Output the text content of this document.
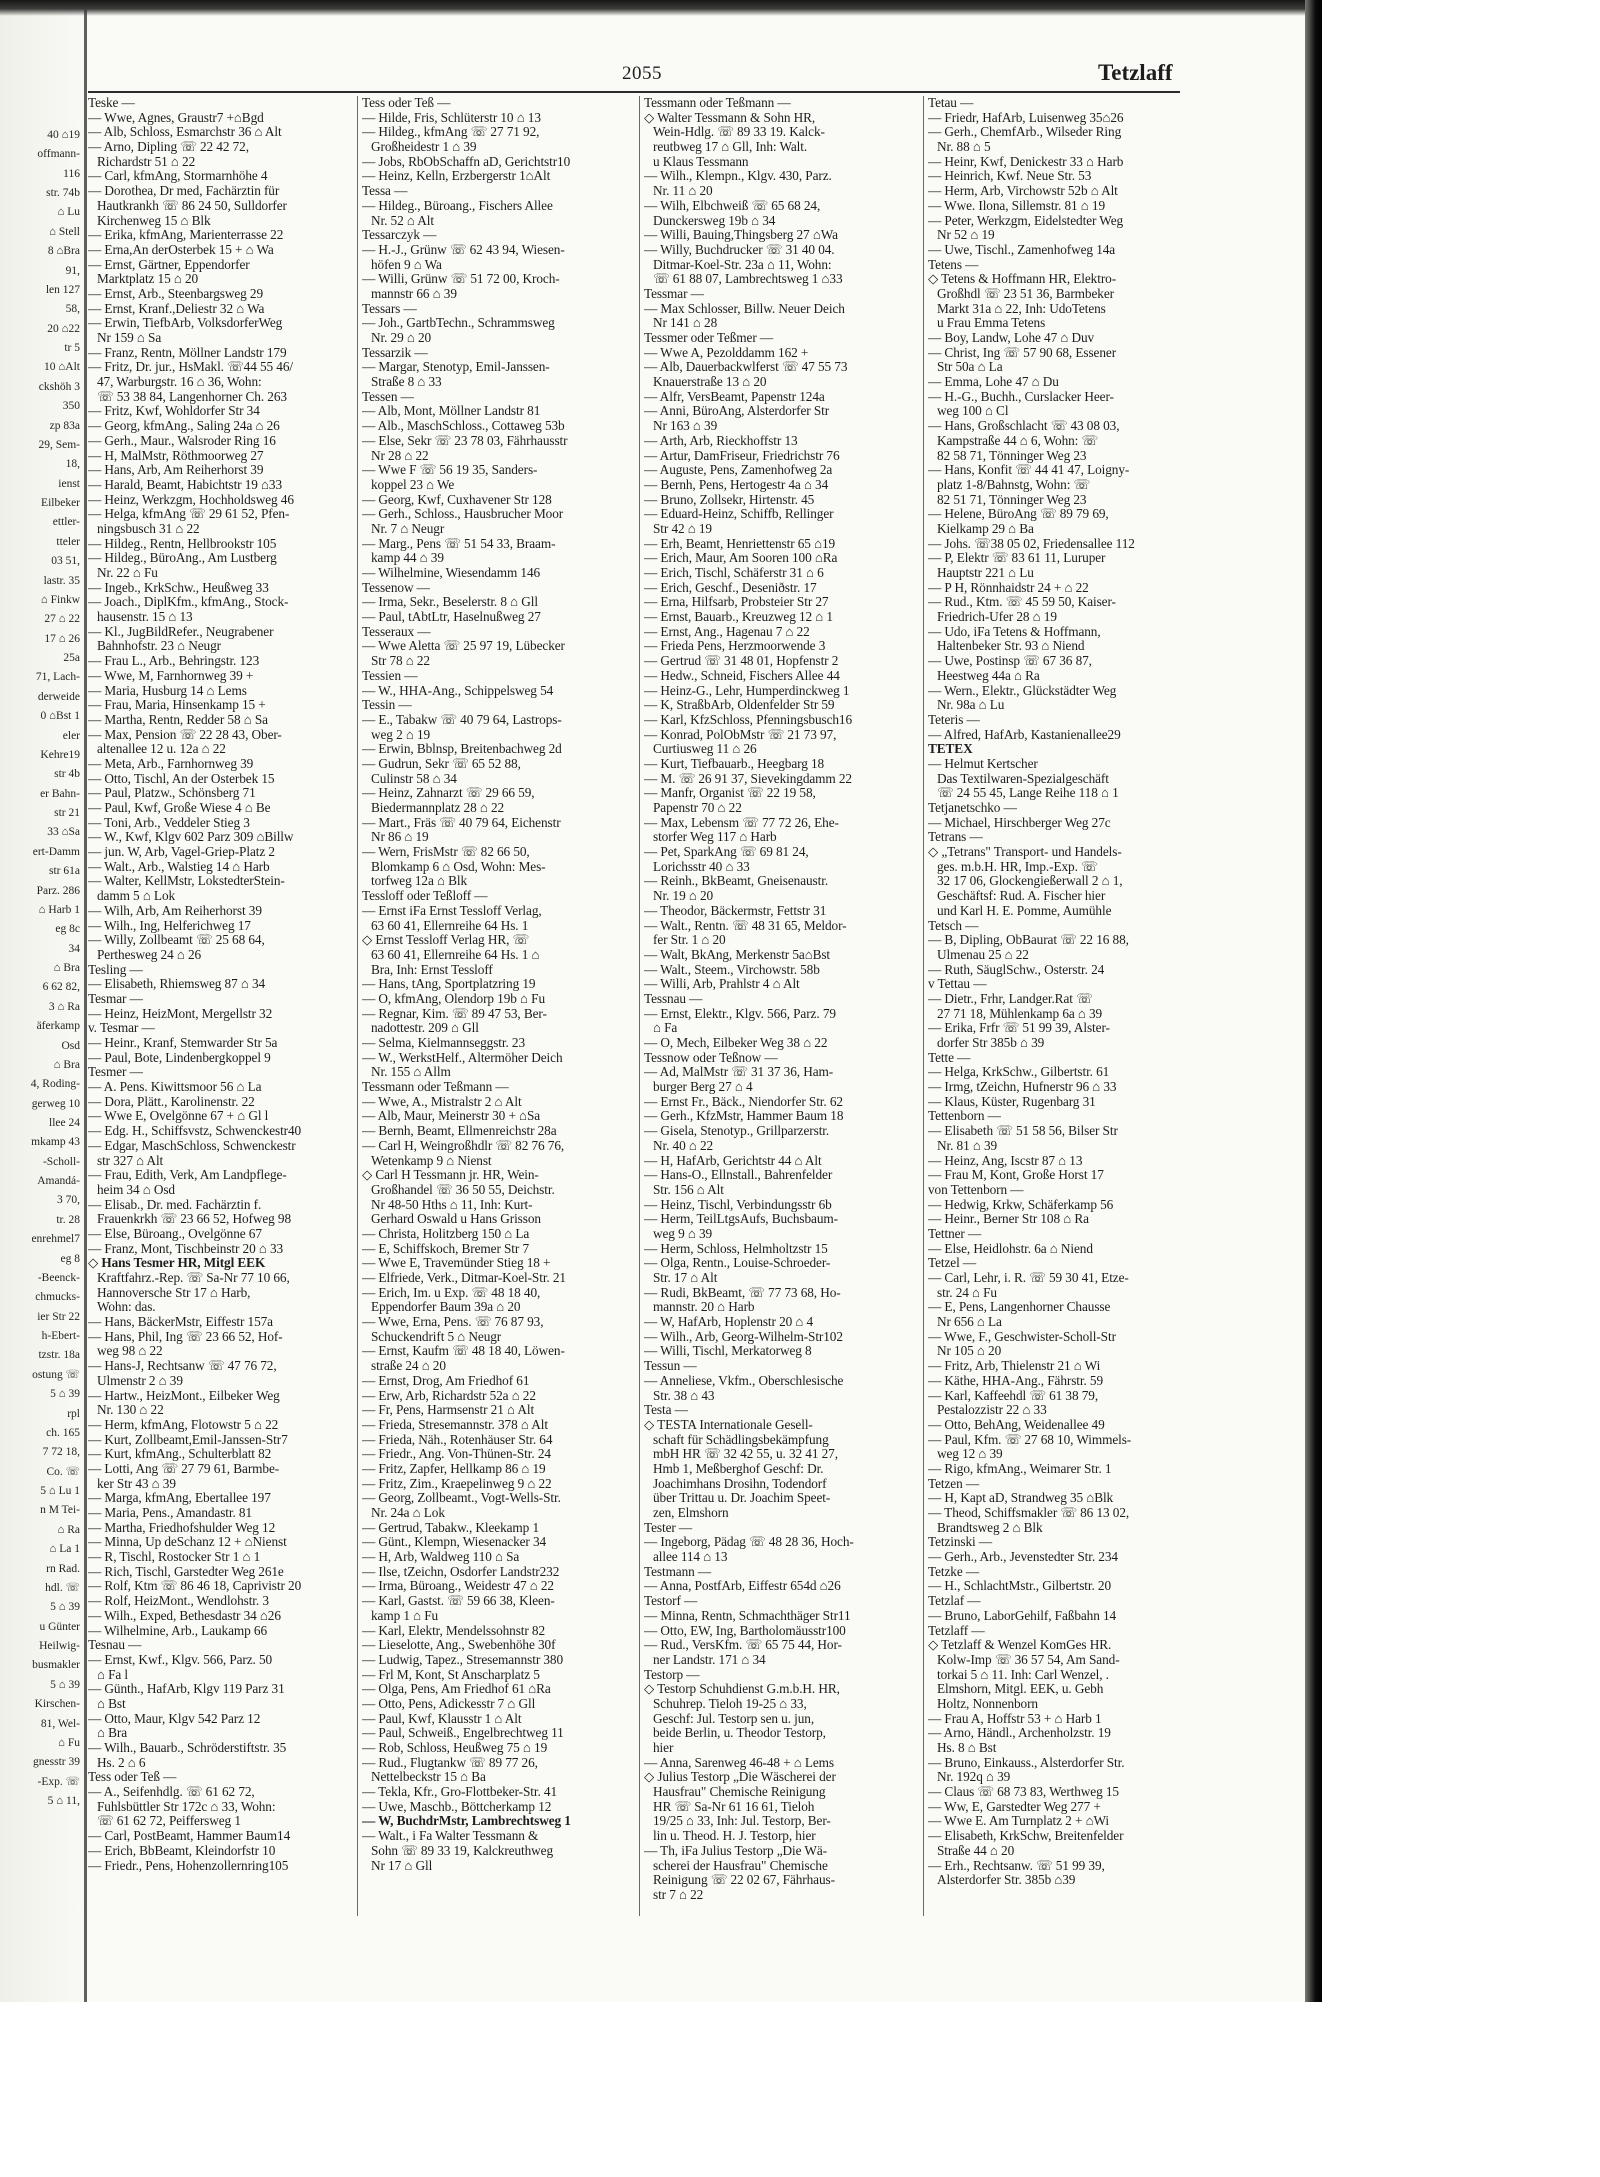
40 ⌂19
offmann-
116
str. 74b
⌂ Lu
⌂ Stell
8 ⌂Bra
91,
len 127
58,
20 ⌂22
tr 5
10 ⌂Alt
ckshöh 3
350
zp 83a
29, Sem-
18,
ienst
Eilbeker
ettler-
tteler
03 51,
lastr. 35
⌂ Finkw
27 ⌂ 22
17 ⌂ 26
25a
71, Lach-
derweide
0 ⌂Bst 1
eler
Kehre19
str 4b
er Bahn-
str 21
33 ⌂Sa
ert-Damm
str 61a
Parz. 286
⌂ Harb 1
eg 8c
34
⌂ Bra
6 62 82,
3 ⌂ Ra
äferkamp
Osd
⌂ Bra
4, Roding-
gerweg 10
llee 24
mkamp 43
-Scholl-
Amandá-
3 70,
tr. 28
enrehmel7
eg 8
-Beenck-
chmucks-
ier Str 22
h-Ebert-
tzstr. 18a
ostung ☏
5 ⌂ 39
rpl
ch. 165
7 72 18,
Co. ☏
5 ⌂ Lu 1
n M Tei-
⌂ Ra
⌂ La 1
rn Rad.
hdl. ☏
5 ⌂ 39
u Günter
Heilwig-
busmakler
5 ⌂ 39
Kirschen-
81, Wel-
⌂ Fu
gnesstr 39
-Exp. ☏
5 ⌂ 11,
2055	Tetzlaff
Teske —
— Wwe, Agnes, Graustr7 +⌂Bgd
— Alb, Schloss, Esmarchstr 36 ⌂ Alt
— Arno, Dipling ☏ 22 42 72,
Richardstr 51 ⌂ 22
— Carl, kfmAng, Stormarnhöhe 4
— Dorothea, Dr med, Fachärztin für
Hautkrankh ☏ 86 24 50, Sulldorfer
Kirchenweg 15 ⌂ Blk
— Erika, kfmAng, Marienterrasse 22
— Erna,An derOsterbek 15 + ⌂ Wa
— Ernst, Gärtner, Eppendorfer
Marktplatz 15 ⌂ 20
— Ernst, Arb., Steenbargsweg 29
— Ernst, Kranf.,Deliestr 32 ⌂ Wa
— Erwin, TiefbArb, VolksdorferWeg
Nr 159 ⌂ Sa
— Franz, Rentn, Möllner Landstr 179
— Fritz, Dr. jur., HsMakl. ☏44 55 46/
47, Warburgstr. 16 ⌂ 36, Wohn:
☏ 53 38 84, Langenhorner Ch. 263
— Fritz, Kwf, Wohldorfer Str 34
— Georg, kfmAng., Saling 24a ⌂ 26
— Gerh., Maur., Walsroder Ring 16
— H, MalMstr, Röthmoorweg 27
— Hans, Arb, Am Reiherhorst 39
— Harald, Beamt, Habichtstr 19 ⌂33
— Heinz, Werkzgm, Hochholdsweg 46
— Helga, kfmAng ☏ 29 61 52, Pfen-
ningsbusch 31 ⌂ 22
— Hildeg., Rentn, Hellbrookstr 105
— Hildeg., BüroAng., Am Lustberg
Nr. 22 ⌂ Fu
— Ingeb., KrkSchw., Heußweg 33
— Joach., DiplKfm., kfmAng., Stock-
hausenstr. 15 ⌂ 13
— Kl., JugBildRefer., Neugrabener
Bahnhofstr. 23 ⌂ Neugr
— Frau L., Arb., Behringstr. 123
— Wwe, M, Farnhornweg 39 +
— Maria, Husburg 14 ⌂ Lems
— Frau, Maria, Hinsenkamp 15 +
— Martha, Rentn, Redder 58 ⌂ Sa
— Max, Pension ☏ 22 28 43, Ober-
altenallee 12 u. 12a ⌂ 22
— Meta, Arb., Farnhornweg 39
— Otto, Tischl, An der Osterbek 15
— Paul, Platzw., Schönsberg 71
— Paul, Kwf, Große Wiese 4 ⌂ Be
— Toni, Arb., Veddeler Stieg 3
— W., Kwf, Klgv 602 Parz 309 ⌂Billw
— jun. W, Arb, Vagel-Griep-Platz 2
— Walt., Arb., Walstieg 14 ⌂ Harb
— Walter, KellMstr, LokstedterStein-
damm 5 ⌂ Lok
— Wilh, Arb, Am Reiherhorst 39
— Wilh., Ing, Helferichweg 17
— Willy, Zollbeamt ☏ 25 68 64,
Perthesweg 24 ⌂ 26
Tesling —
— Elisabeth, Rhiemsweg 87 ⌂ 34
Tesmar —
— Heinz, HeizMont, Mergellstr 32
v. Tesmar —
— Heinr., Kranf, Stemwarder Str 5a
— Paul, Bote, Lindenbergkoppel 9
Tesmer —
— A. Pens. Kiwittsmoor 56 ⌂ La
— Dora, Plätt., Karolinenstr. 22
— Wwe E, Ovelgönne 67 + ⌂ Gl l
— Edg. H., Schiffsvstz, Schwenckestr40
— Edgar, MaschSchloss, Schwenckestr
str 327 ⌂ Alt
— Frau, Edith, Verk, Am Landpflege-
heim 34 ⌂ Osd
— Elisab., Dr. med. Fachärztin f.
Frauenkrkh ☏ 23 66 52, Hofweg 98
— Else, Büroang., Ovelgönne 67
— Franz, Mont, Tischbeinstr 20 ⌂ 33
◇ Hans Tesmer HR, Mitgl EEK
Kraftfahrz.-Rep. ☏ Sa-Nr 77 10 66,
Hannoversche Str 17 ⌂ Harb,
Wohn: das.
— Hans, BäckerMstr, Eiffestr 157a
— Hans, Phil, Ing ☏ 23 66 52, Hof-
weg 98 ⌂ 22
— Hans-J, Rechtsanw ☏ 47 76 72,
Ulmenstr 2 ⌂ 39
— Hartw., HeizMont., Eilbeker Weg
Nr. 130 ⌂ 22
— Herm, kfmAng, Flotowstr 5 ⌂ 22
— Kurt, Zollbeamt,Emil-Janssen-Str7
— Kurt, kfmAng., Schulterblatt 82
— Lotti, Ang ☏ 27 79 61, Barmbe-
ker Str 43 ⌂ 39
— Marga, kfmAng, Ebertallee 197
— Maria, Pens., Amandastr. 81
— Martha, Friedhofshulder Weg 12
— Minna, Up deSchanz 12 + ⌂Nienst
— R, Tischl, Rostocker Str 1 ⌂ 1
— Rich, Tischl, Garstedter Weg 261e
— Rolf, Ktm ☏ 86 46 18, Caprivistr 20
— Rolf, HeizMont., Wendlohstr. 3
— Wilh., Exped, Bethesdastr 34 ⌂26
— Wilhelmine, Arb., Laukamp 66
Tesnau —
— Ernst, Kwf., Klgv. 566, Parz. 50
⌂ Fa l
— Günth., HafArb, Klgv 119 Parz 31
⌂ Bst
— Otto, Maur, Klgv 542 Parz 12
⌂ Bra
— Wilh., Bauarb., Schröderstiftstr. 35
Hs. 2 ⌂ 6
Tess oder Teß —
— A., Seifenhdlg. ☏ 61 62 72,
Fuhlsbüttler Str 172c ⌂ 33, Wohn:
☏ 61 62 72, Peiffersweg 1
— Carl, PostBeamt, Hammer Baum14
— Erich, BbBeamt, Kleindorfstr 10
— Friedr., Pens, Hohenzollernring105
Tess oder Teß —
— Hilde, Fris, Schlüterstr 10 ⌂ 13
— Hildeg., kfmAng ☏ 27 71 92,
Großheidestr 1 ⌂ 39
— Jobs, RbObSchaffn aD, Gerichtstr10
— Heinz, Kelln, Erzbergerstr 1⌂Alt
Tessa —
— Hildeg., Büroang., Fischers Allee
Nr. 52 ⌂ Alt
Tessarczyk —
— H.-J., Grünw ☏ 62 43 94, Wiesen-
höfen 9 ⌂ Wa
— Willi, Grünw ☏ 51 72 00, Kroch-
mannstr 66 ⌂ 39
Tessars —
— Joh., GartbTechn., Schrammsweg
Nr. 29 ⌂ 20
Tessarzik —
— Margar, Stenotyp, Emil-Janssen-
Straße 8 ⌂ 33
Tessen —
— Alb, Mont, Möllner Landstr 81
— Alb., MaschSchloss., Cottaweg 53b
— Else, Sekr ☏ 23 78 03, Fährhausstr
Nr 28 ⌂ 22
— Wwe F ☏ 56 19 35, Sanders-
koppel 23 ⌂ We
— Georg, Kwf, Cuxhavener Str 128
— Gerh., Schloss., Hausbrucher Moor
Nr. 7 ⌂ Neugr
— Marg., Pens ☏ 51 54 33, Braam-
kamp 44 ⌂ 39
— Wilhelmine, Wiesendamm 146
Tessenow —
— Irma, Sekr., Beselerstr. 8 ⌂ Gll
— Paul, tAbtLtr, Haselnußweg 27
Tesseraux —
— Wwe Aletta ☏ 25 97 19, Lübecker
Str 78 ⌂ 22
Tessien —
— W., HHA-Ang., Schippelsweg 54
Tessin —
— E., Tabakw ☏ 40 79 64, Lastrops-
weg 2 ⌂ 19
— Erwin, Bblnsp, Breitenbachweg 2d
— Gudrun, Sekr ☏ 65 52 88,
Culinstr 58 ⌂ 34
— Heinz, Zahnarzt ☏ 29 66 59,
Biedermannplatz 28 ⌂ 22
— Mart., Fräs ☏ 40 79 64, Eichenstr
Nr 86 ⌂ 19
— Wern, FrisMstr ☏ 82 66 50,
Blomkamp 6 ⌂ Osd, Wohn: Mes-
torfweg 12a ⌂ Blk
Tessloff oder Teßloff —
— Ernst iFa Ernst Tessloff Verlag,
63 60 41, Ellernreihe 64 Hs. 1
◇ Ernst Tessloff Verlag HR, ☏
63 60 41, Ellernreihe 64 Hs. 1 ⌂
Bra, Inh: Ernst Tessloff
— Hans, tAng, Sportplatzring 19
— O, kfmAng, Olendorp 19b ⌂ Fu
— Regnar, Kim. ☏ 89 47 53, Ber-
nadottestr. 209 ⌂ Gll
— Selma, Kielmannseggstr. 23
— W., WerkstHelf., Altermöher Deich
Nr. 155 ⌂ Allm
Tessmann oder Teßmann —
— Wwe, A., Mistralstr 2 ⌂ Alt
— Alb, Maur, Meinerstr 30 + ⌂Sa
— Bernh, Beamt, Ellmenreichstr 28a
— Carl H, Weingroßhdlr ☏ 82 76 76,
Wetenkamp 9 ⌂ Nienst
◇ Carl H Tessmann jr. HR, Wein-
Großhandel ☏ 36 50 55, Deichstr.
Nr 48-50 Hths ⌂ 11, Inh: Kurt-
Gerhard Oswald u Hans Grisson
— Christa, Holitzberg 150 ⌂ La
— E, Schiffskoch, Bremer Str 7
— Wwe E, Travemünder Stieg 18 +
— Elfriede, Verk., Ditmar-Koel-Str. 21
— Erich, Im. u Exp. ☏ 48 18 40,
Eppendorfer Baum 39a ⌂ 20
— Wwe, Erna, Pens. ☏ 76 87 93,
Schuckendrift 5 ⌂ Neugr
— Ernst, Kaufm ☏ 48 18 40, Löwen-
straße 24 ⌂ 20
— Ernst, Drog, Am Friedhof 61
— Erw, Arb, Richardstr 52a ⌂ 22
— Fr, Pens, Harmsenstr 21 ⌂ Alt
— Frieda, Stresemannstr. 378 ⌂ Alt
— Frieda, Näh., Rotenhäuser Str. 64
— Friedr., Ang. Von-Thünen-Str. 24
— Fritz, Zapfer, Hellkamp 86 ⌂ 19
— Fritz, Zim., Kraepelinweg 9 ⌂ 22
— Georg, Zollbeamt., Vogt-Wells-Str.
Nr. 24a ⌂ Lok
— Gertrud, Tabakw., Kleekamp 1
— Günt., Klempn, Wiesenacker 34
— H, Arb, Waldweg 110 ⌂ Sa
— Ilse, tZeichn, Osdorfer Landstr232
— Irma, Büroang., Weidestr 47 ⌂ 22
— Karl, Gastst. ☏ 59 66 38, Kleen-
kamp 1 ⌂ Fu
— Karl, Elektr, Mendelssohnstr 82
— Lieselotte, Ang., Swebenhöhe 30f
— Ludwig, Tapez., Stresemannstr 380
— Frl M, Kont, St Anscharplatz 5
— Olga, Pens, Am Friedhof 61 ⌂Ra
— Otto, Pens, Adickesstr 7 ⌂ Gll
— Paul, Kwf, Klausstr 1 ⌂ Alt
— Paul, Schweiß., Engelbrechtweg 11
— Rob, Schloss, Heußweg 75 ⌂ 19
— Rud., Flugtankw ☏ 89 77 26,
Nettelbeckstr 15 ⌂ Ba
— Tekla, Kfr., Gro-Flottbeker-Str. 41
— Uwe, Maschb., Böttcherkamp 12
— W, BuchdrMstr, Lambrechtsweg 1
— Walt., i Fa Walter Tessmann &
Sohn ☏ 89 33 19, Kalckreuthweg
Nr 17 ⌂ Gll
Tessmann oder Teßmann —
◇ Walter Tessmann & Sohn HR,
Wein-Hdlg. ☏ 89 33 19. Kalck-
reutbweg 17 ⌂ Gll, Inh: Walt.
u Klaus Tessmann
— Wilh., Klempn., Klgv. 430, Parz.
Nr. 11 ⌂ 20
— Wilh, Elbchweiß ☏ 65 68 24,
Dunckersweg 19b ⌂ 34
— Willi, Bauing,Thingsberg 27 ⌂Wa
— Willy, Buchdrucker ☏ 31 40 04.
Ditmar-Koel-Str. 23a ⌂ 11, Wohn:
☏ 61 88 07, Lambrechtsweg 1 ⌂33
Tessmar —
— Max Schlosser, Billw. Neuer Deich
Nr 141 ⌂ 28
Tessmer oder Teßmer —
— Wwe A, Pezolddamm 162 +
— Alb, Dauerbackwlferst ☏ 47 55 73
Knauerstraße 13 ⌂ 20
— Alfr, VersBeamt, Papenstr 124a
— Anni, BüroAng, Alsterdorfer Str
Nr 163 ⌂ 39
— Arth, Arb, Rieckhoffstr 13
— Artur, DamFriseur, Friedrichstr 76
— Auguste, Pens, Zamenhofweg 2a
— Bernh, Pens, Hertogestr 4a ⌂ 34
— Bruno, Zollsekr, Hirtenstr. 45
— Eduard-Heinz, Schiffb, Rellinger
Str 42 ⌂ 19
— Erh, Beamt, Henriettenstr 65 ⌂19
— Erich, Maur, Am Sooren 100 ⌂Ra
— Erich, Tischl, Schäferstr 31 ⌂ 6
— Erich, Geschf., Deseniðstr. 17
— Erna, Hilfsarb, Probsteier Str 27
— Ernst, Bauarb., Kreuzweg 12 ⌂ 1
— Ernst, Ang., Hagenau 7 ⌂ 22
— Frieda Pens, Herzmoorwende 3
— Gertrud ☏ 31 48 01, Hopfenstr 2
— Hedw., Schneid, Fischers Allee 44
— Heinz-G., Lehr, Humperdinckweg 1
— K, StraßbArb, Oldenfelder Str 59
— Karl, KfzSchloss, Pfenningsbusch16
— Konrad, PolObMstr ☏ 21 73 97,
Curtiusweg 11 ⌂ 26
— Kurt, Tiefbauarb., Heegbarg 18
— M. ☏ 26 91 37, Sievekingdamm 22
— Manfr, Organist ☏ 22 19 58,
Papenstr 70 ⌂ 22
— Max, Lebensm ☏ 77 72 26, Ehe-
storfer Weg 117 ⌂ Harb
— Pet, SparkAng ☏ 69 81 24,
Lorichsstr 40 ⌂ 33
— Reinh., BkBeamt, Gneisenaustr.
Nr. 19 ⌂ 20
— Theodor, Bäckermstr, Fettstr 31
— Walt., Rentn. ☏ 48 31 65, Meldor-
fer Str. 1 ⌂ 20
— Walt, BkAng, Merkenstr 5a⌂Bst
— Walt., Steem., Virchowstr. 58b
— Willi, Arb, Prahlstr 4 ⌂ Alt
Tessnau —
— Ernst, Elektr., Klgv. 566, Parz. 79
⌂ Fa
— O, Mech, Eilbeker Weg 38 ⌂ 22
Tessnow oder Teßnow —
— Ad, MalMstr ☏ 31 37 36, Ham-
burger Berg 27 ⌂ 4
— Ernst Fr., Bäck., Niendorfer Str. 62
— Gerh., KfzMstr, Hammer Baum 18
— Gisela, Stenotyp., Grillparzerstr.
Nr. 40 ⌂ 22
— H, HafArb, Gerichtstr 44 ⌂ Alt
— Hans-O., Ellnstall., Bahrenfelder
Str. 156 ⌂ Alt
— Heinz, Tischl, Verbindungsstr 6b
— Herm, TeilLtgsAufs, Buchsbaum-
weg 9 ⌂ 39
— Herm, Schloss, Helmholtzstr 15
— Olga, Rentn., Louise-Schroeder-
Str. 17 ⌂ Alt
— Rudi, BkBeamt, ☏ 77 73 68, Ho-
mannstr. 20 ⌂ Harb
— W, HafArb, Hoplenstr 20 ⌂ 4
— Wilh., Arb, Georg-Wilhelm-Str102
— Willi, Tischl, Merkatorweg 8
Tessun —
— Anneliese, Vkfm., Oberschlesische
Str. 38 ⌂ 43
Testa —
◇ TESTA Internationale Gesell-
schaft für Schädlingsbekämpfung
mbH HR ☏ 32 42 55, u. 32 41 27,
Hmb 1, Meßberghof Geschf: Dr.
Joachimhans Drosihn, Todendorf
über Trittau u. Dr. Joachim Speet-
zen, Elmshorn
Tester —
— Ingeborg, Pädag ☏ 48 28 36, Hoch-
allee 114 ⌂ 13
Testmann —
— Anna, PostfArb, Eiffestr 654d ⌂26
Testorf —
— Minna, Rentn, Schmachthäger Str11
— Otto, EW, Ing, Bartholomäusstr100
— Rud., VersKfm. ☏ 65 75 44, Hor-
ner Landstr. 171 ⌂ 34
Testorp —
◇ Testorp Schuhdienst G.m.b.H. HR,
Schuhrep. Tieloh 19-25 ⌂ 33,
Geschf: Jul. Testorp sen u. jun,
beide Berlin, u. Theodor Testorp,
hier
— Anna, Sarenweg 46-48 + ⌂ Lems
◇ Julius Testorp „Die Wäscherei der
Hausfrau" Chemische Reinigung
HR ☏ Sa-Nr 61 16 61, Tieloh
19/25 ⌂ 33, Inh: Jul. Testorp, Ber-
lin u. Theod. H. J. Testorp, hier
— Th, iFa Julius Testorp „Die Wä-
scherei der Hausfrau" Chemische
Reinigung ☏ 22 02 67, Fährhaus-
str 7 ⌂ 22
Tetau —
— Friedr, HafArb, Luisenweg 35⌂26
— Gerh., ChemfArb., Wilseder Ring
Nr. 88 ⌂ 5
— Heinr, Kwf, Denickestr 33 ⌂ Harb
— Heinrich, Kwf. Neue Str. 53
— Herm, Arb, Virchowstr 52b ⌂ Alt
— Wwe. Ilona, Sillemstr. 81 ⌂ 19
— Peter, Werkzgm, Eidelstedter Weg
Nr 52 ⌂ 19
— Uwe, Tischl., Zamenhofweg 14a
Tetens —
◇ Tetens & Hoffmann HR, Elektro-
Großhdl ☏ 23 51 36, Barmbeker
Markt 31a ⌂ 22, Inh: UdoTetens
u Frau Emma Tetens
— Boy, Landw, Lohe 47 ⌂ Duv
— Christ, Ing ☏ 57 90 68, Essener
Str 50a ⌂ La
— Emma, Lohe 47 ⌂ Du
— H.-G., Buchh., Curslacker Heer-
weg 100 ⌂ Cl
— Hans, Großschlacht ☏ 43 08 03,
Kampstraße 44 ⌂ 6, Wohn: ☏
82 58 71, Tönninger Weg 23
— Hans, Konfit ☏ 44 41 47, Loigny-
platz 1-8/Bahnstg, Wohn: ☏
82 51 71, Tönninger Weg 23
— Helene, BüroAng ☏ 89 79 69,
Kielkamp 29 ⌂ Ba
— Johs. ☏38 05 02, Friedensallee 112
— P, Elektr ☏ 83 61 11, Luruper
Hauptstr 221 ⌂ Lu
— P H, Rönnhaidstr 24 + ⌂ 22
— Rud., Ktm. ☏ 45 59 50, Kaiser-
Friedrich-Ufer 28 ⌂ 19
— Udo, iFa Tetens & Hoffmann,
Haltenbeker Str. 93 ⌂ Niend
— Uwe, Postinsp ☏ 67 36 87,
Heestweg 44a ⌂ Ra
— Wern., Elektr., Glückstädter Weg
Nr. 98a ⌂ Lu
Teteris —
— Alfred, HafArb, Kastanienallee29
TETEX
— Helmut Kertscher
Das Textilwaren-Spezialgeschäft
☏ 24 55 45, Lange Reihe 118 ⌂ 1
Tetjanetschko —
— Michael, Hirschberger Weg 27c
Tetrans —
◇ „Tetrans" Transport- und Handels-
ges. m.b.H. HR, Imp.-Exp. ☏
32 17 06, Glockengießerwall 2 ⌂ 1,
Geschäftsf: Rud. A. Fischer hier
und Karl H. E. Pomme, Aumühle
Tetsch —
— B, Dipling, ObBaurat ☏ 22 16 88,
Ulmenau 25 ⌂ 22
— Ruth, SäuglSchw., Osterstr. 24
v Tettau —
— Dietr., Frhr, Landger.Rat ☏
27 71 18, Mühlenkamp 6a ⌂ 39
— Erika, Frfr ☏ 51 99 39, Alster-
dorfer Str 385b ⌂ 39
Tette —
— Helga, KrkSchw., Gilbertstr. 61
— Irmg, tZeichn, Hufnerstr 96 ⌂ 33
— Klaus, Küster, Rugenbarg 31
Tettenborn —
— Elisabeth ☏ 51 58 56, Bilser Str
Nr. 81 ⌂ 39
— Heinz, Ang, Iscstr 87 ⌂ 13
— Frau M, Kont, Große Horst 17
von Tettenborn —
— Hedwig, Krkw, Schäferkamp 56
— Heinr., Berner Str 108 ⌂ Ra
Tettner —
— Else, Heidlohstr. 6a ⌂ Niend
Tetzel —
— Carl, Lehr, i. R. ☏ 59 30 41, Etze-
str. 24 ⌂ Fu
— E, Pens, Langenhorner Chausse
Nr 656 ⌂ La
— Wwe, F., Geschwister-Scholl-Str
Nr 105 ⌂ 20
— Fritz, Arb, Thielenstr 21 ⌂ Wi
— Käthe, HHA-Ang., Fährstr. 59
— Karl, Kaffeehdl ☏ 61 38 79,
Pestalozzistr 22 ⌂ 33
— Otto, BehAng, Weidenallee 49
— Paul, Kfm. ☏ 27 68 10, Wimmels-
weg 12 ⌂ 39
— Rigo, kfmAng., Weimarer Str. 1
Tetzen —
— H, Kapt aD, Strandweg 35 ⌂Blk
— Theod, Schiffsmakler ☏ 86 13 02,
Brandtsweg 2 ⌂ Blk
Tetzinski —
— Gerh., Arb., Jevenstedter Str. 234
Tetzke —
— H., SchlachtMstr., Gilbertstr. 20
Tetzlaf —
— Bruno, LaborGehilf, Faßbahn 14
Tetzlaff —
◇ Tetzlaff & Wenzel KomGes HR.
Kolw-Imp ☏ 36 57 54, Am Sand-
torkai 5 ⌂ 11. Inh: Carl Wenzel, .
Elmshorn, Mitgl. EEK, u. Gebh
Holtz, Nonnenborn
— Frau A, Hoffstr 53 + ⌂ Harb 1
— Arno, Händl., Archenholzstr. 19
Hs. 8 ⌂ Bst
— Bruno, Einkauss., Alsterdorfer Str.
Nr. 192q ⌂ 39
— Claus ☏ 68 73 83, Werthweg 15
— Ww, E, Garstedter Weg 277 +
— Wwe E. Am Turnplatz 2 + ⌂Wi
— Elisabeth, KrkSchw, Breitenfelder
Straße 44 ⌂ 20
— Erh., Rechtsanw. ☏ 51 99 39,
Alsterdorfer Str. 385b ⌂39
